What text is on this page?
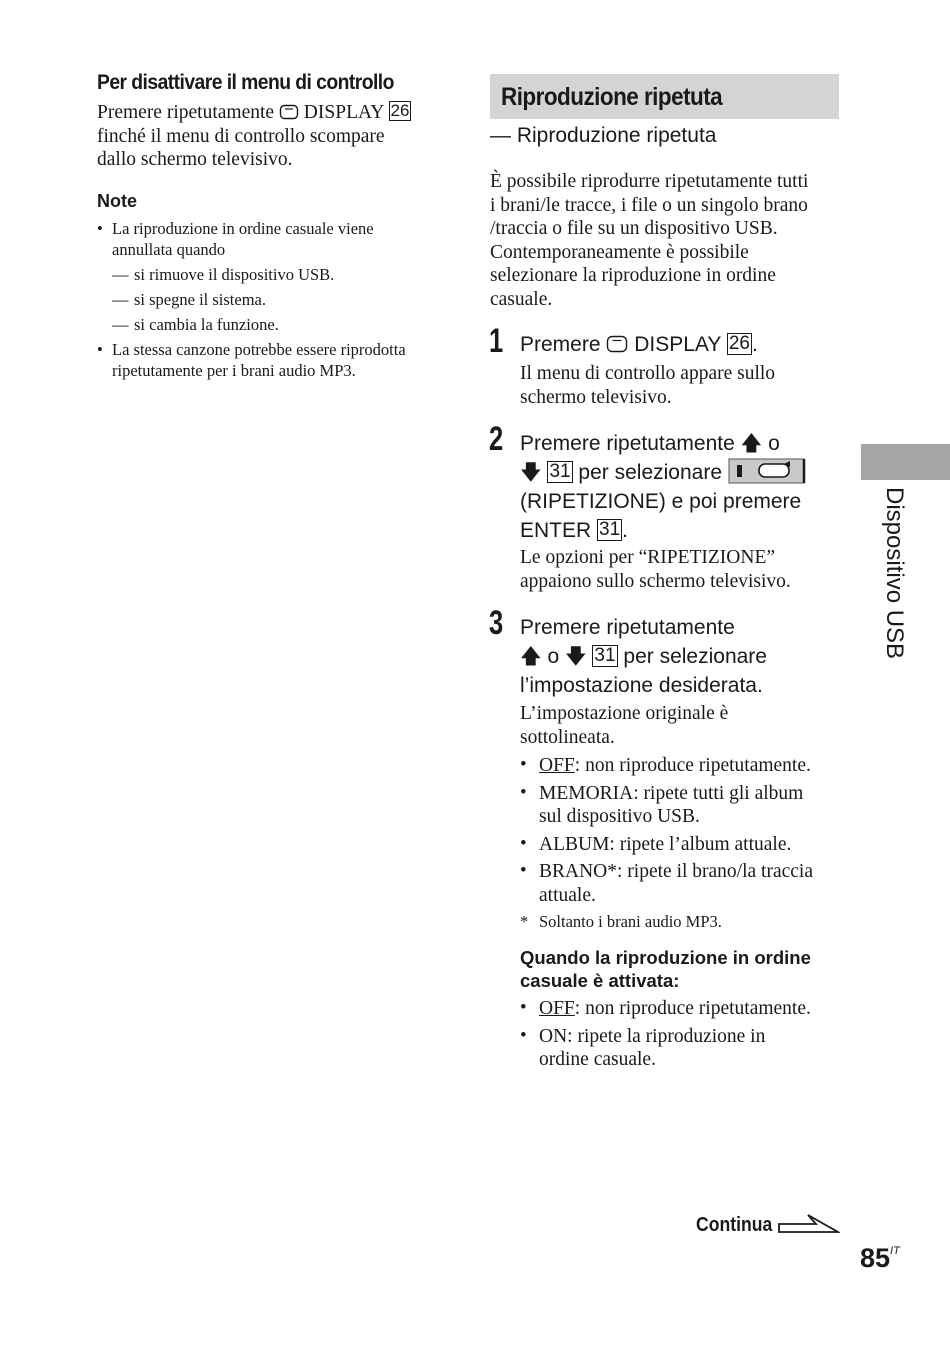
Per disattivare il menu di controllo
Premere ripetutamente DISPLAY 26
finché il menu di controllo scompare
dallo schermo televisivo.
Note
• La riproduzione in ordine casuale viene
annullata quando
— si rimuove il dispositivo USB.
— si spegne il sistema.
— si cambia la funzione.
• La stessa canzone potrebbe essere riprodotta
ripetutamente per i brani audio MP3.
Riproduzione ripetuta
— Riproduzione ripetuta
È possibile riprodurre ripetutamente tutti
i brani/le tracce, i file o un singolo brano
/traccia o file su un dispositivo USB.
Contemporaneamente è possibile
selezionare la riproduzione in ordine
casuale.
1 Premere DISPLAY 26.
Il menu di controllo appare sullo
schermo televisivo.
2 Premere ripetutamente 🡅 o
🡇 31 per selezionare
(RIPETIZIONE) e poi premere
ENTER 31.
Le opzioni per “RIPETIZIONE”
appaiono sullo schermo televisivo.
3 Premere ripetutamente
🡅 o 🡇 31 per selezionare
l’impostazione desiderata.
L’impostazione originale è
sottolineata.
• OFF: non riproduce ripetutamente.
• MEMORIA: ripete tutti gli album
sul dispositivo USB.
• ALBUM: ripete l’album attuale.
• BRANO*: ripete il brano/la traccia
attuale.
* Soltanto i brani audio MP3.
Quando la riproduzione in ordine
casuale è attivata:
• OFF: non riproduce ripetutamente.
• ON: ripete la riproduzione in
ordine casuale.
Dispositivo USB
Continua
$85^{IT}$
